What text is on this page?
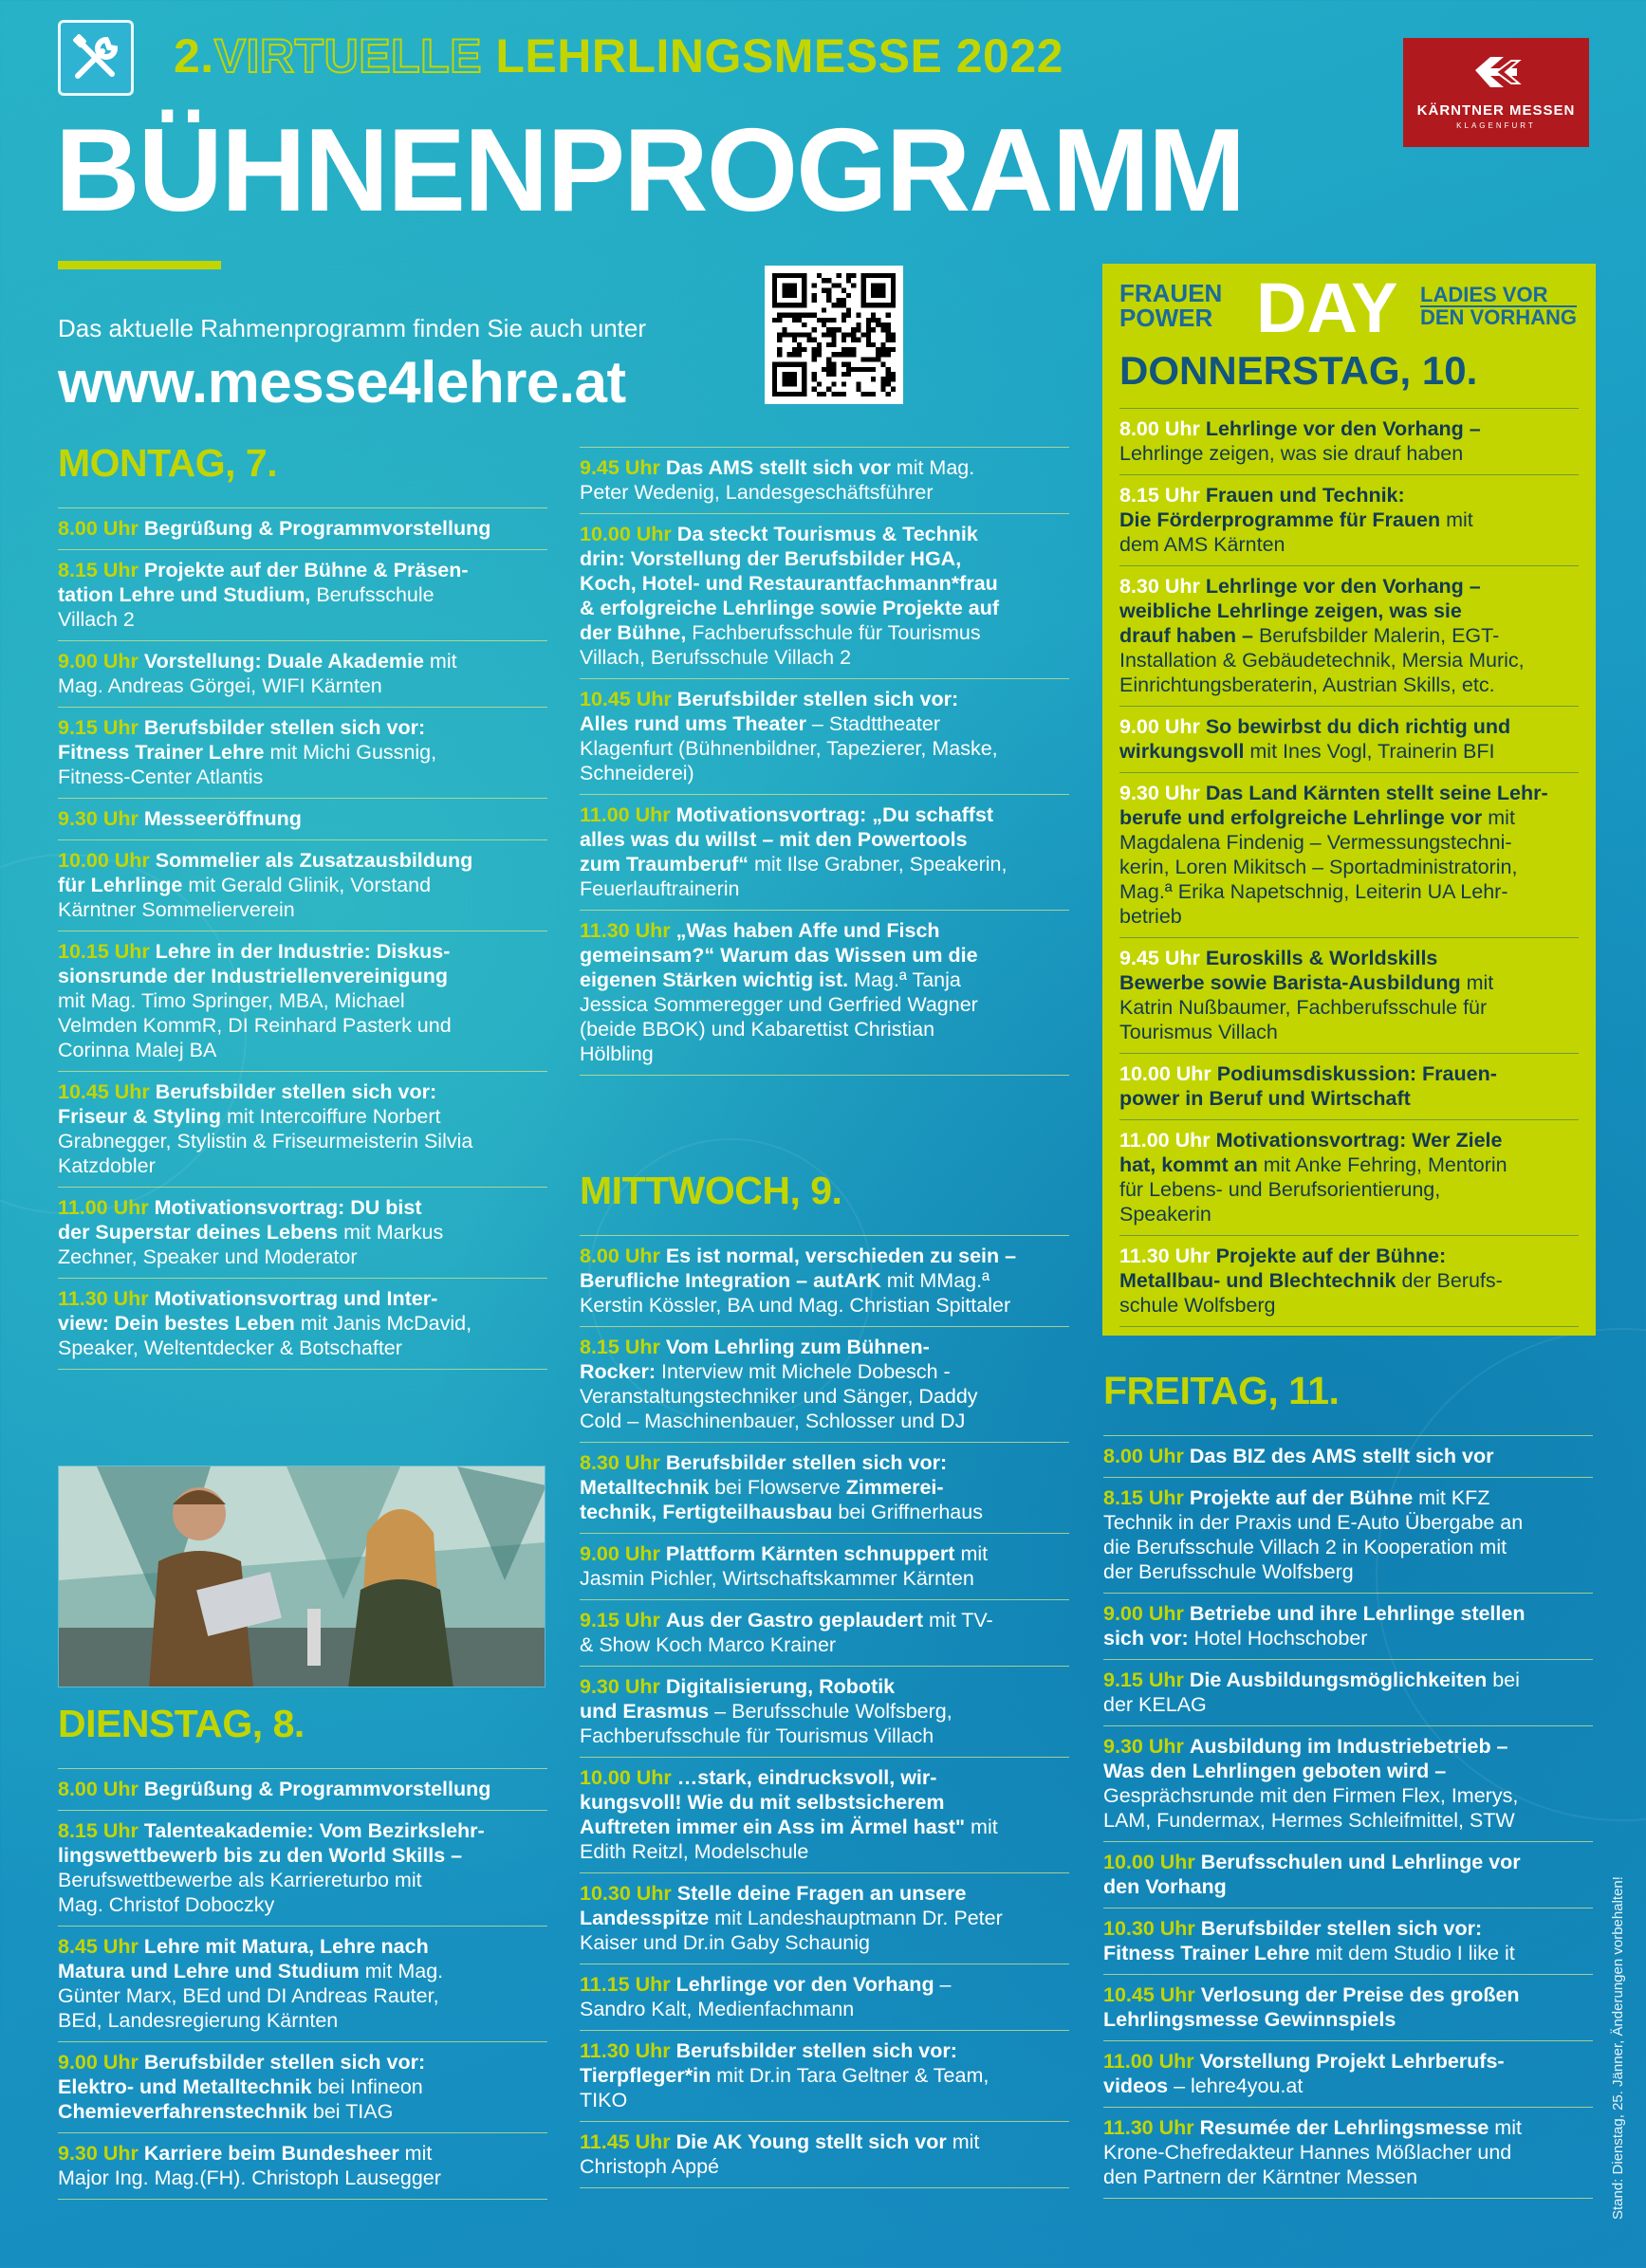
2.VIRTUELLE LEHRLINGSMESSE 2022
BÜHNENPROGRAMM	KÄRNTNER MESSEN
KLAGENFURT
Das aktuelle Rahmenprogramm finden Sie auch unter
www.messe4lehre.at
MONTAG, 7.
8.00 Uhr Begrüßung & Programmvorstellung
8.15 Uhr Projekte auf der Bühne & Präsen-
tation Lehre und Studium, Berufsschule
Villach 2
9.00 Uhr Vorstellung: Duale Akademie mit
Mag. Andreas Görgei, WIFI Kärnten
9.15 Uhr Berufsbilder stellen sich vor:
Fitness Trainer Lehre mit Michi Gussnig,
Fitness-Center Atlantis
9.30 Uhr Messeeröffnung
10.00 Uhr Sommelier als Zusatzausbildung
für Lehrlinge mit Gerald Glinik, Vorstand
Kärntner Sommelierverein
10.15 Uhr Lehre in der Industrie: Diskus-
sionsrunde der Industriellenvereinigung
mit Mag. Timo Springer, MBA, Michael
Velmden KommR, DI Reinhard Pasterk und
Corinna Malej BA
10.45 Uhr Berufsbilder stellen sich vor:
Friseur & Styling mit Intercoiffure Norbert
Grabnegger, Stylistin & Friseurmeisterin Silvia
Katzdobler
11.00 Uhr Motivationsvortrag: DU bist
der Superstar deines Lebens mit Markus
Zechner, Speaker und Moderator
11.30 Uhr Motivationsvortrag und Inter-
view: Dein bestes Leben mit Janis McDavid,
Speaker, Weltentdecker & Botschafter
DIENSTAG, 8.
8.00 Uhr Begrüßung & Programmvorstellung
8.15 Uhr Talenteakademie: Vom Bezirkslehr-
lingswettbewerb bis zu den World Skills –
Berufswettbewerbe als Karriereturbo mit
Mag. Christof Doboczky
8.45 Uhr Lehre mit Matura, Lehre nach
Matura und Lehre und Studium mit Mag.
Günter Marx, BEd und DI Andreas Rauter,
BEd, Landesregierung Kärnten
9.00 Uhr Berufsbilder stellen sich vor:
Elektro- und Metalltechnik bei Infineon
Chemieverfahrenstechnik bei TIAG
9.30 Uhr Karriere beim Bundesheer mit
Major Ing. Mag.(FH). Christoph Lausegger
9.45 Uhr Das AMS stellt sich vor mit Mag.
Peter Wedenig, Landesgeschäftsführer
10.00 Uhr Da steckt Tourismus & Technik
drin: Vorstellung der Berufsbilder HGA,
Koch, Hotel- und Restaurantfachmann*frau
& erfolgreiche Lehrlinge sowie Projekte auf
der Bühne, Fachberufsschule für Tourismus
Villach, Berufsschule Villach 2
10.45 Uhr Berufsbilder stellen sich vor:
Alles rund ums Theater – Stadttheater
Klagenfurt (Bühnenbildner, Tapezierer, Maske,
Schneiderei)
11.00 Uhr Motivationsvortrag: „Du schaffst
alles was du willst – mit den Powertools
zum Traumberuf“ mit Ilse Grabner, Speakerin,
Feuerlauftrainerin
11.30 Uhr „Was haben Affe und Fisch
gemeinsam?“ Warum das Wissen um die
eigenen Stärken wichtig ist. Mag.ª Tanja
Jessica Sommeregger und Gerfried Wagner
(beide BBOK) und Kabarettist Christian
Hölbling
MITTWOCH, 9.
8.00 Uhr Es ist normal, verschieden zu sein –
Berufliche Integration – autArK mit MMag.ª
Kerstin Kössler, BA und Mag. Christian Spittaler
8.15 Uhr Vom Lehrling zum Bühnen-
Rocker: Interview mit Michele Dobesch -
Veranstaltungstechniker und Sänger, Daddy
Cold – Maschinenbauer, Schlosser und DJ
8.30 Uhr Berufsbilder stellen sich vor:
Metalltechnik bei Flowserve Zimmerei-
technik, Fertigteilhausbau bei Griffnerhaus
9.00 Uhr Plattform Kärnten schnuppert mit
Jasmin Pichler, Wirtschaftskammer Kärnten
9.15 Uhr Aus der Gastro geplaudert mit TV-
& Show Koch Marco Krainer
9.30 Uhr Digitalisierung, Robotik
und Erasmus – Berufsschule Wolfsberg,
Fachberufsschule für Tourismus Villach
10.00 Uhr …stark, eindrucksvoll, wir-
kungsvoll! Wie du mit selbstsicherem
Auftreten immer ein Ass im Ärmel hast" mit
Edith Reitzl, Modelschule
10.30 Uhr Stelle deine Fragen an unsere
Landesspitze mit Landeshauptmann Dr. Peter
Kaiser und Dr.in Gaby Schaunig
11.15 Uhr Lehrlinge vor den Vorhang –
Sandro Kalt, Medienfachmann
11.30 Uhr Berufsbilder stellen sich vor:
Tierpfleger*in mit Dr.in Tara Geltner & Team,
TIKO
11.45 Uhr Die AK Young stellt sich vor mit
Christoph Appé
FRAUEN
POWER DAY LADIES VOR
DEN VORHANG
DONNERSTAG, 10.
8.00 Uhr Lehrlinge vor den Vorhang –
Lehrlinge zeigen, was sie drauf haben
8.15 Uhr Frauen und Technik:
Die Förderprogramme für Frauen mit
dem AMS Kärnten
8.30 Uhr Lehrlinge vor den Vorhang –
weibliche Lehrlinge zeigen, was sie
drauf haben – Berufsbilder Malerin, EGT-
Installation & Gebäudetechnik, Mersia Muric,
Einrichtungsberaterin, Austrian Skills, etc.
9.00 Uhr So bewirbst du dich richtig und
wirkungsvoll mit Ines Vogl, Trainerin BFI
9.30 Uhr Das Land Kärnten stellt seine Lehr-
berufe und erfolgreiche Lehrlinge vor mit
Magdalena Findenig – Vermessungstechni-
kerin, Loren Mikitsch – Sportadministratorin,
Mag.ª Erika Napetschnig, Leiterin UA Lehr-
betrieb
9.45 Uhr Euroskills & Worldskills
Bewerbe sowie Barista-Ausbildung mit
Katrin Nußbaumer, Fachberufsschule für
Tourismus Villach
10.00 Uhr Podiumsdiskussion: Frauen-
power in Beruf und Wirtschaft
11.00 Uhr Motivationsvortrag: Wer Ziele
hat, kommt an mit Anke Fehring, Mentorin
für Lebens- und Berufsorientierung,
Speakerin
11.30 Uhr Projekte auf der Bühne:
Metallbau- und Blechtechnik der Berufs-
schule Wolfsberg
FREITAG, 11.
8.00 Uhr Das BIZ des AMS stellt sich vor
8.15 Uhr Projekte auf der Bühne mit KFZ
Technik in der Praxis und E-Auto Übergabe an
die Berufsschule Villach 2 in Kooperation mit
der Berufsschule Wolfsberg
9.00 Uhr Betriebe und ihre Lehrlinge stellen
sich vor: Hotel Hochschober
9.15 Uhr Die Ausbildungsmöglichkeiten bei
der KELAG
9.30 Uhr Ausbildung im Industriebetrieb –
Was den Lehrlingen geboten wird –
Gesprächsrunde mit den Firmen Flex, Imerys,
LAM, Fundermax, Hermes Schleifmittel, STW
10.00 Uhr Berufsschulen und Lehrlinge vor
den Vorhang
10.30 Uhr Berufsbilder stellen sich vor:
Fitness Trainer Lehre mit dem Studio I like it
10.45 Uhr Verlosung der Preise des großen
Lehrlingsmesse Gewinnspiels
11.00 Uhr Vorstellung Projekt Lehrberufs-
videos – lehre4you.at
11.30 Uhr Resumée der Lehrlingsmesse mit
Krone-Chefredakteur Hannes Mößlacher und
den Partnern der Kärntner Messen	Stand: Dienstag, 25. Jänner, Änderungen vorbehalten!
